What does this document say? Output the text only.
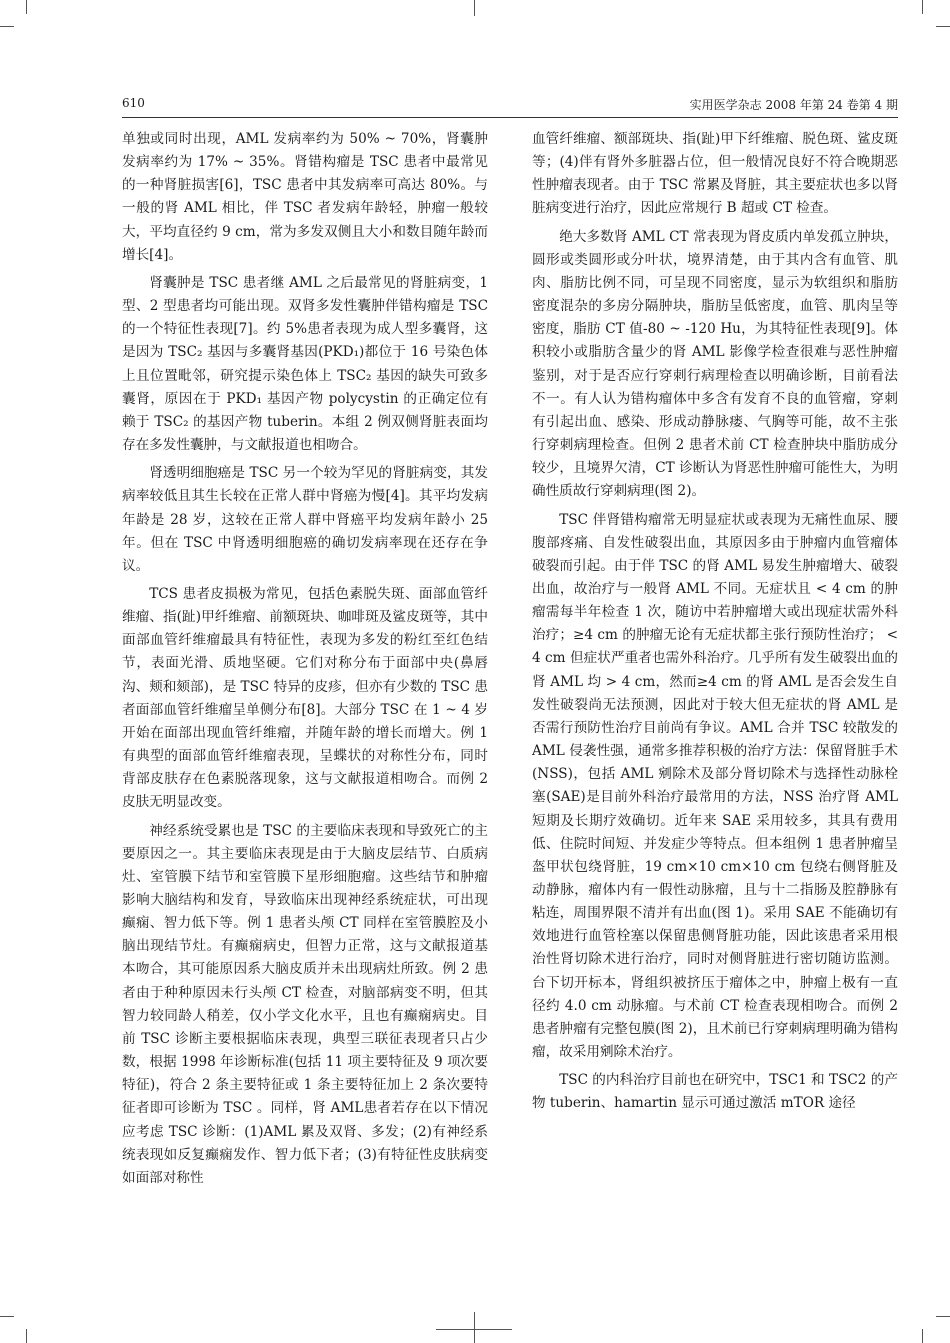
610	实用医学杂志 2008 年第 24 卷第 4 期

单独或同时出现，AML 发病率约为 50% ~ 70%，肾囊肿发病率约为 17% ~ 35%。肾错构瘤是 TSC 患者中最常见的一种肾脏损害[6]，TSC 患者中其发病率可高达 80%。与一般的肾 AML 相比，伴 TSC 者发病年龄轻，肿瘤一般较大，平均直径约 9 cm，常为多发双侧且大小和数目随年龄而增长[4]。

肾囊肿是 TSC 患者继 AML 之后最常见的肾脏病变，1 型、2 型患者均可能出现。双肾多发性囊肿伴错构瘤是 TSC 的一个特征性表现[7]。约 5%患者表现为成人型多囊肾，这是因为 TSC₂ 基因与多囊肾基因(PKD₁)都位于 16 号染色体上且位置毗邻，研究提示染色体上 TSC₂ 基因的缺失可致多囊肾，原因在于 PKD₁ 基因产物 polycystin 的正确定位有赖于 TSC₂ 的基因产物 tuberin。本组 2 例双侧肾脏表面均存在多发性囊肿，与文献报道也相吻合。

肾透明细胞癌是 TSC 另一个较为罕见的肾脏病变，其发病率较低且其生长较在正常人群中肾癌为慢[4]。其平均发病年龄是 28 岁，这较在正常人群中肾癌平均发病年龄小 25 年。但在 TSC 中肾透明细胞癌的确切发病率现在还存在争议。

TCS 患者皮损极为常见，包括色素脱失斑、面部血管纤维瘤、指(趾)甲纤维瘤、前额斑块、咖啡斑及鲨皮斑等，其中面部血管纤维瘤最具有特征性，表现为多发的粉红至红色结节，表面光滑、质地坚硬。它们对称分布于面部中央(鼻唇沟、颊和颏部)，是 TSC 特异的皮疹，但亦有少数的 TSC 患者面部血管纤维瘤呈单侧分布[8]。大部分 TSC 在 1 ~ 4 岁开始在面部出现血管纤维瘤，并随年龄的增长而增大。例 1 有典型的面部血管纤维瘤表现，呈蝶状的对称性分布，同时背部皮肤存在色素脱落现象，这与文献报道相吻合。而例 2 皮肤无明显改变。

神经系统受累也是 TSC 的主要临床表现和导致死亡的主要原因之一。其主要临床表现是由于大脑皮层结节、白质病灶、室管膜下结节和室管膜下星形细胞瘤。这些结节和肿瘤影响大脑结构和发育，导致临床出现神经系统症状，可出现癫痫、智力低下等。例 1 患者头颅 CT 同样在室管膜腔及小脑出现结节灶。有癫痫病史，但智力正常，这与文献报道基本吻合，其可能原因系大脑皮质并未出现病灶所致。例 2 患者由于种种原因未行头颅 CT 检查，对脑部病变不明，但其智力较同龄人稍差，仅小学文化水平，且也有癫痫病史。目前 TSC 诊断主要根据临床表现，典型三联征表现者只占少数，根据 1998 年诊断标准(包括 11 项主要特征及 9 项次要特征)，符合 2 条主要特征或 1 条主要特征加上 2 条次要特征者即可诊断为 TSC 。同样，肾 AML患者若存在以下情况应考虑 TSC 诊断：(1)AML 累及双肾、多发；(2)有神经系统表现如反复癫痫发作、智力低下者；(3)有特征性皮肤病变如面部对称性

血管纤维瘤、额部斑块、指(趾)甲下纤维瘤、脱色斑、鲨皮斑等；(4)伴有肾外多脏器占位，但一般情况良好不符合晚期恶性肿瘤表现者。由于 TSC 常累及肾脏，其主要症状也多以肾脏病变进行治疗，因此应常规行 B 超或 CT 检查。

绝大多数肾 AML CT 常表现为肾皮质内单发孤立肿块，圆形或类圆形或分叶状，境界清楚，由于其内含有血管、肌肉、脂肪比例不同，可呈现不同密度，显示为软组织和脂肪密度混杂的多房分隔肿块，脂肪呈低密度，血管、肌肉呈等密度，脂肪 CT 值-80 ~ -120 Hu，为其特征性表现[9]。体积较小或脂肪含量少的肾 AML 影像学检查很难与恶性肿瘤鉴别，对于是否应行穿刺行病理检查以明确诊断，目前看法不一。有人认为错构瘤体中多含有发育不良的血管瘤，穿刺有引起出血、感染、形成动静脉瘘、气胸等可能，故不主张行穿刺病理检查。但例 2 患者术前 CT 检查肿块中脂肪成分较少，且境界欠清，CT 诊断认为肾恶性肿瘤可能性大，为明确性质故行穿刺病理(图 2)。

TSC 伴肾错构瘤常无明显症状或表现为无痛性血尿、腰腹部疼痛、自发性破裂出血，其原因多由于肿瘤内血管瘤体破裂而引起。由于伴 TSC 的肾 AML 易发生肿瘤增大、破裂出血，故治疗与一般肾 AML 不同。无症状且 < 4 cm 的肿瘤需每半年检查 1 次，随访中若肿瘤增大或出现症状需外科治疗；≥4 cm 的肿瘤无论有无症状都主张行预防性治疗； < 4 cm 但症状严重者也需外科治疗。几乎所有发生破裂出血的肾 AML 均 > 4 cm，然而≥4 cm 的肾 AML 是否会发生自发性破裂尚无法预测，因此对于较大但无症状的肾 AML 是否需行预防性治疗目前尚有争议。AML 合并 TSC 较散发的 AML 侵袭性强，通常多推荐积极的治疗方法：保留肾脏手术(NSS)，包括 AML 剜除术及部分肾切除术与选择性动脉栓塞(SAE)是目前外科治疗最常用的方法，NSS 治疗肾 AML 短期及长期疗效确切。近年来 SAE 采用较多，其具有费用低、住院时间短、并发症少等特点。但本组例 1 患者肿瘤呈盔甲状包绕肾脏，19 cm×10 cm×10 cm 包绕右侧肾脏及动静脉，瘤体内有一假性动脉瘤，且与十二指肠及腔静脉有粘连，周围界限不清并有出血(图 1)。采用 SAE 不能确切有效地进行血管栓塞以保留患侧肾脏功能，因此该患者采用根治性肾切除术进行治疗，同时对侧肾脏进行密切随访监测。台下切开标本，肾组织被挤压于瘤体之中，肿瘤上极有一直径约 4.0 cm 动脉瘤。与术前 CT 检查表现相吻合。而例 2 患者肿瘤有完整包膜(图 2)，且术前已行穿刺病理明确为错构瘤，故采用剜除术治疗。

TSC 的内科治疗目前也在研究中，TSC1 和 TSC2 的产物 tuberin、hamartin 显示可通过激活 mTOR 途径
